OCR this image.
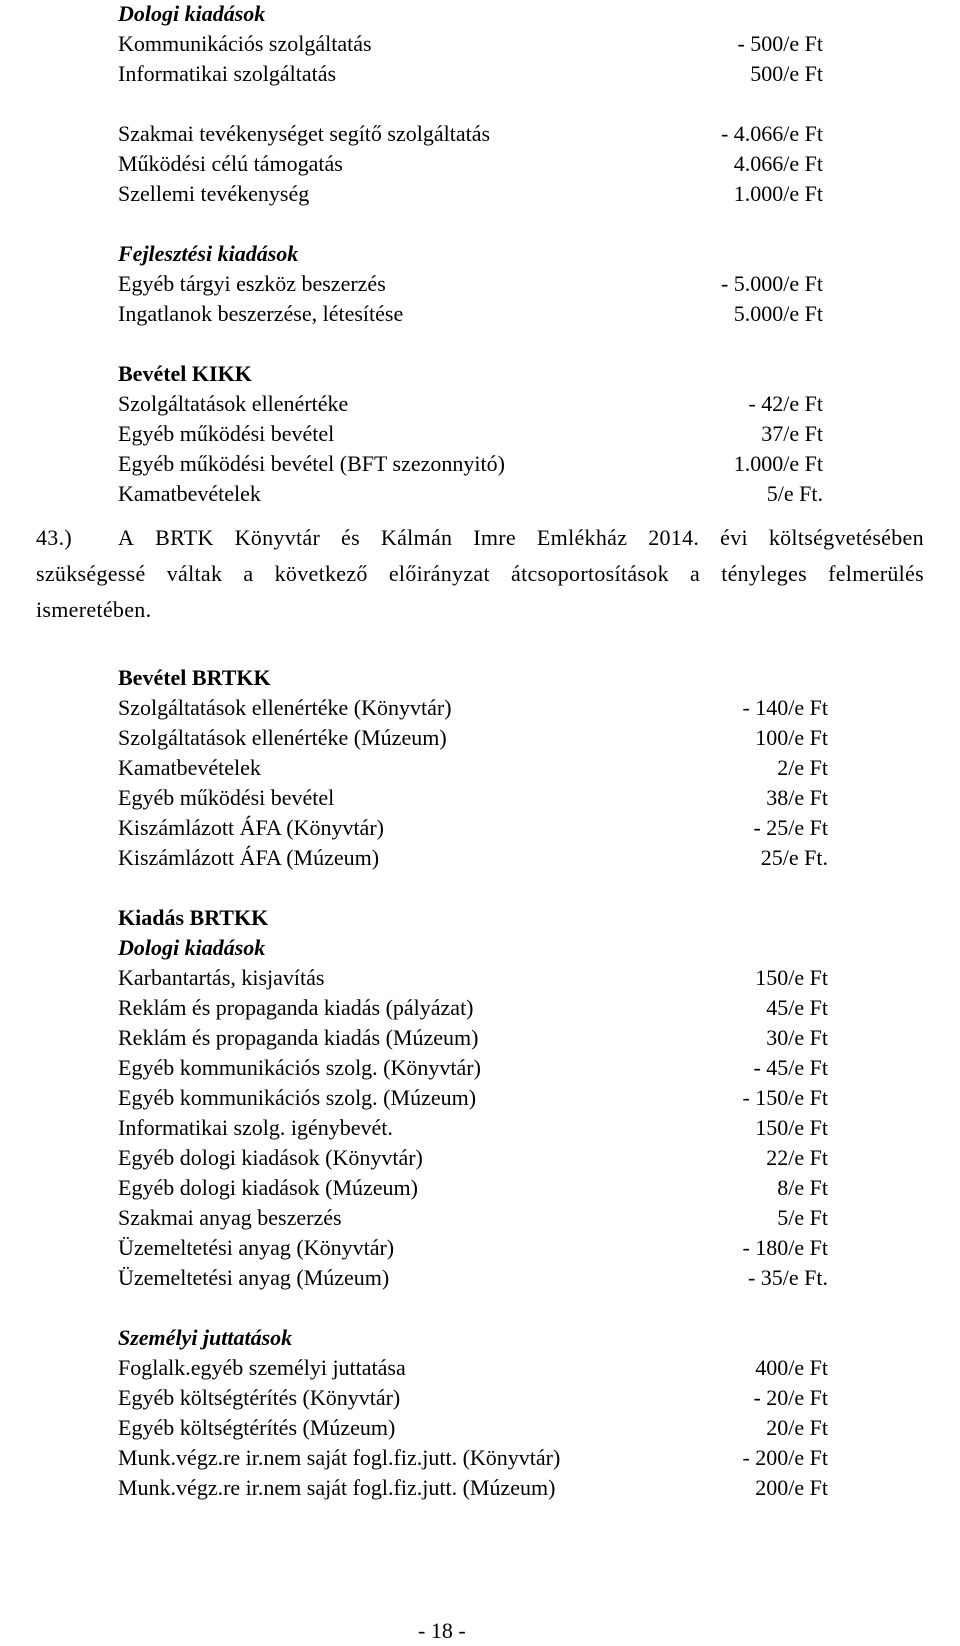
Dologi kiadások
Kommunikációs szolgáltatás	- 500/e Ft
Informatikai szolgáltatás	500/e Ft
Szakmai tevékenységet segítő szolgáltatás	- 4.066/e Ft
Működési célú támogatás	4.066/e Ft
Szellemi tevékenység	1.000/e Ft
Fejlesztési kiadások
Egyéb tárgyi eszköz beszerzés	- 5.000/e Ft
Ingatlanok beszerzése, létesítése	5.000/e Ft
Bevétel KIKK
Szolgáltatások ellenértéke	- 42/e Ft
Egyéb működési bevétel	37/e Ft
Egyéb működési bevétel (BFT szezonnyitó)	1.000/e Ft
Kamatbevételek	5/e Ft.
43.) A BRTK Könyvtár és Kálmán Imre Emlékház 2014. évi költségvetésében
szükségessé váltak a következő előirányzat átcsoportosítások a tényleges felmerülés
ismeretében.
Bevétel BRTKK
Szolgáltatások ellenértéke (Könyvtár)	- 140/e Ft
Szolgáltatások ellenértéke (Múzeum)	100/e Ft
Kamatbevételek	2/e Ft
Egyéb működési bevétel	38/e Ft
Kiszámlázott ÁFA (Könyvtár)	- 25/e Ft
Kiszámlázott ÁFA (Múzeum)	25/e Ft.
Kiadás BRTKK
Dologi kiadások
Karbantartás, kisjavítás	150/e Ft
Reklám és propaganda kiadás (pályázat)	45/e Ft
Reklám és propaganda kiadás (Múzeum)	30/e Ft
Egyéb kommunikációs szolg. (Könyvtár)	- 45/e Ft
Egyéb kommunikációs szolg. (Múzeum)	- 150/e Ft
Informatikai szolg. igénybevét.	150/e Ft
Egyéb dologi kiadások (Könyvtár)	22/e Ft
Egyéb dologi kiadások (Múzeum)	8/e Ft
Szakmai anyag beszerzés	5/e Ft
Üzemeltetési anyag (Könyvtár)	- 180/e Ft
Üzemeltetési anyag (Múzeum)	- 35/e Ft.
Személyi juttatások
Foglalk.egyéb személyi juttatása	400/e Ft
Egyéb költségtérítés (Könyvtár)	- 20/e Ft
Egyéb költségtérítés (Múzeum)	20/e Ft
Munk.végz.re ir.nem saját fogl.fiz.jutt. (Könyvtár)	- 200/e Ft
Munk.végz.re ir.nem saját fogl.fiz.jutt. (Múzeum)	200/e Ft
- 18 -
